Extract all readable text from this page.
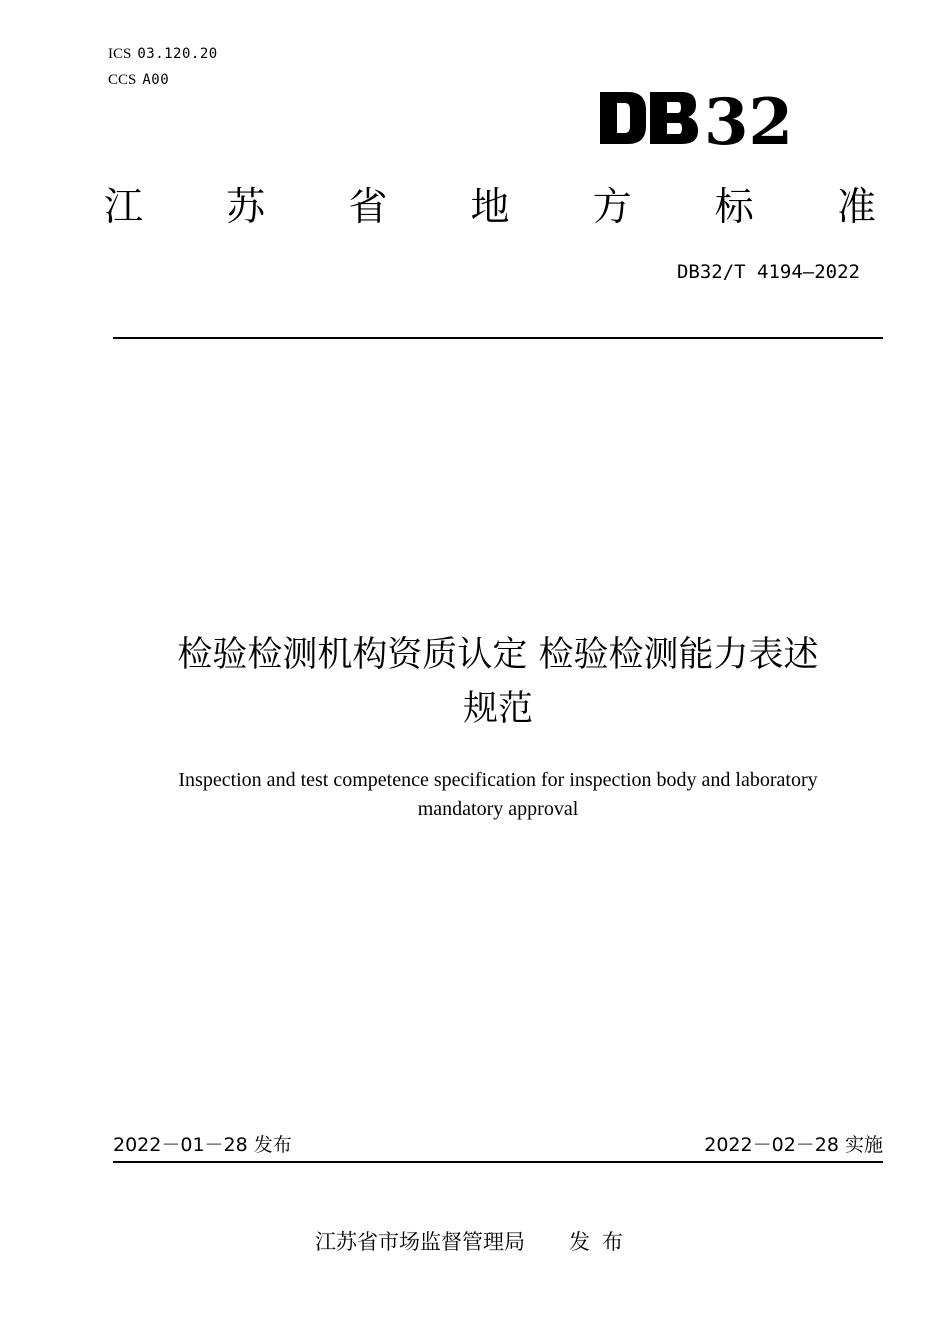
ICS 03.120.20
CCS A00
32
江 苏 省 地 方 标 准
DB32/T 4194—2022
检验检测机构资质认定 检验检测能力表述
规范
Inspection and test competence specification for inspection body and laboratory
mandatory approval
2022－01－28 发布	2022－02－28 实施
江苏省市场监督管理局 发布
